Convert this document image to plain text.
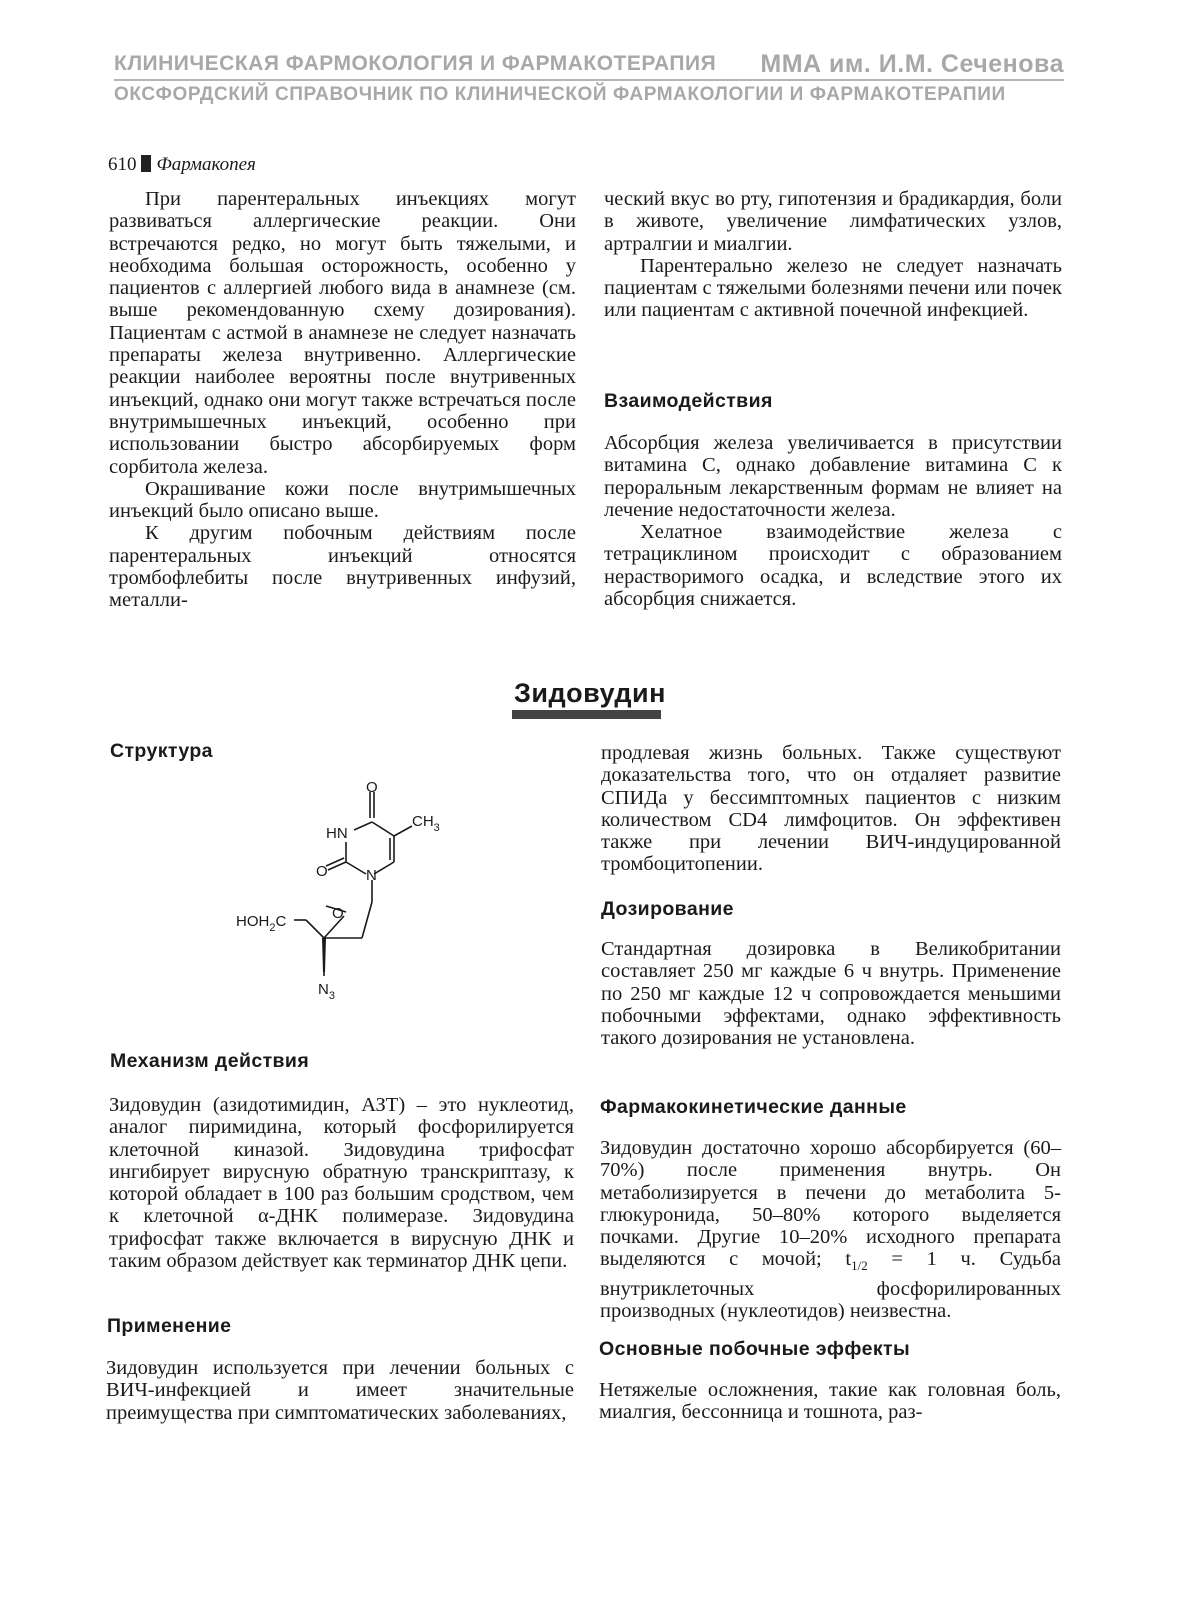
КЛИНИЧЕСКАЯ ФАРМОКОЛОГИЯ И ФАРМАКОТЕРАПИЯ ММА им. И.М. Сеченова
ОКСФОРДСКИЙ СПРАВОЧНИК ПО КЛИНИЧЕСКОЙ ФАРМАКОЛОГИИ И ФАРМАКОТЕРАПИИ
610 Фармакопея

При парентеральных инъекциях могут развиваться аллергические реакции. Они встречаются редко, но могут быть тяжелыми, и необходима большая осторожность, особенно у пациентов с аллергией любого вида в анамнезе (см. выше рекомендованную схему дозирования). Пациентам с астмой в анамнезе не следует назначать препараты железа внутривенно. Аллергические реакции наиболее вероятны после внутривенных инъекций, однако они могут также встречаться после внутримышечных инъекций, особенно при использовании быстро абсорбируемых форм сорбитола железа.

Окрашивание кожи после внутримышечных инъекций было описано выше.

К другим побочным действиям после парентеральных инъекций относятся тромбофлебиты после внутривенных инфузий, металли-

ческий вкус во рту, гипотензия и брадикардия, боли в животе, увеличение лимфатических узлов, артралгии и миалгии.

Парентерально железо не следует назначать пациентам с тяжелыми болезнями печени или почек или пациентам с активной почечной инфекцией.

Взаимодействия

Абсорбция железа увеличивается в присутствии витамина С, однако добавление витамина С к пероральным лекарственным формам не влияет на лечение недостаточности железа.

Хелатное взаимодействие железа с тетрациклином происходит с образованием нерастворимого осадка, и вследствие этого их абсорбция снижается.

Зидовудин
Структура
O
HN
$CH_3$
O	N
$HOH_2C$	O
$N_3$
Механизм действия
Зидовудин (азидотимидин, АЗТ) – это нуклеотид, аналог пиримидина, который фосфорилируется клеточной киназой. Зидовудина трифосфат ингибирует вирусную обратную транскриптазу, к которой обладает в 100 раз большим сродством, чем к клеточной α-ДНК полимеразе. Зидовудина трифосфат также включается в вирусную ДНК и таким образом действует как терминатор ДНК цепи.
Применение
Зидовудин используется при лечении больных с ВИЧ-инфекцией и имеет значительные преимущества при симптоматических заболеваниях,
продлевая жизнь больных. Также существуют доказательства того, что он отдаляет развитие СПИДа у бессимптомных пациентов с низким количеством CD4 лимфоцитов. Он эффективен также при лечении ВИЧ-индуцированной тромбоцитопении.
Дозирование
Стандартная дозировка в Великобритании составляет 250 мг каждые 6 ч внутрь. Применение по 250 мг каждые 12 ч сопровождается меньшими побочными эффектами, однако эффективность такого дозирования не установлена.
Фармакокинетические данные
Зидовудин достаточно хорошо абсорбируется (60–70%) после применения внутрь. Он метаболизируется в печени до метаболита 5-глюкуронида, 50–80% которого выделяется почками. Другие 10–20% исходного препарата выделяются с мочой; $t_{1/2} = 1$ ч. Судьба внутриклеточных фосфорилированных производных (нуклеотидов) неизвестна.
Основные побочные эффекты
Нетяжелые осложнения, такие как головная боль, миалгия, бессонница и тошнота, раз-
